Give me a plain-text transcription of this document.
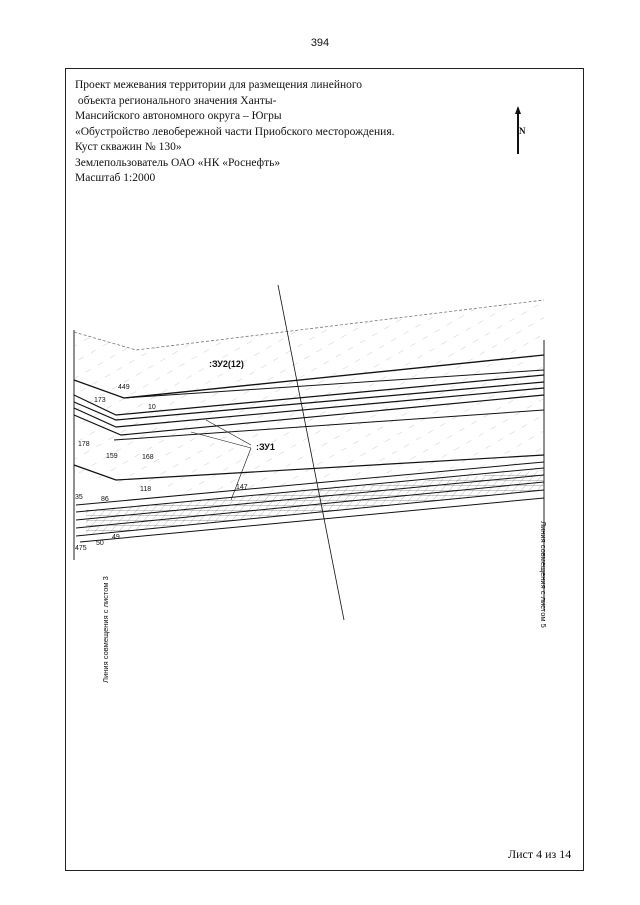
394
Проект межевания территории для размещения линейного
объекта регионального значения Ханты-
Мансийского автономного округа – Югры
«Обустройство левобережной части Приобского месторождения.
Куст скважин № 130»
Землепользователь ОАО «НК «Роснефть»
Масштаб 1:2000
N
:ЗУ2(12)
:ЗУ1
449
173
10
178
159	168
118	147
35	86
475
50
49
Линия совмещения с листом 3
Линия совмещения с листом 5
Лист 4 из 14
